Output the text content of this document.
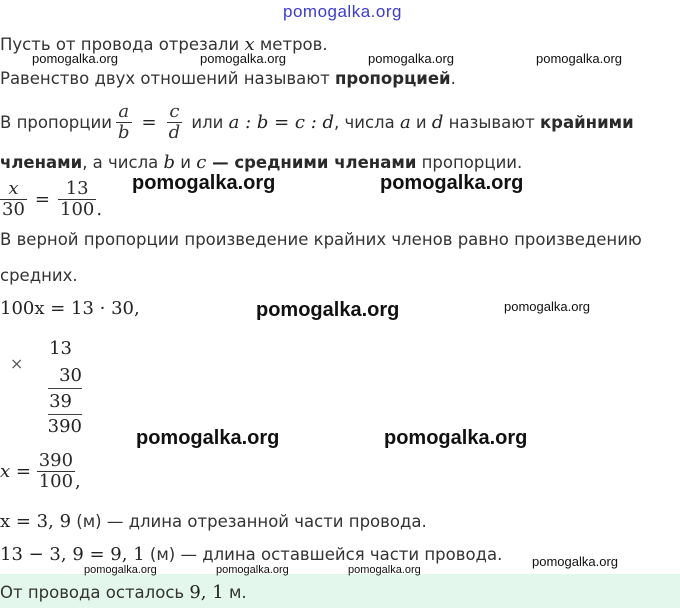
pomogalka.org
Пусть от провода отрезали x метров.
pomogalka.org	pomogalka.org	pomogalka.org	pomogalka.org
Равенство двух отношений называют пропорцией.
В пропорции $\frac{a}{b} = \frac{c}{d}$ или a : b = c : d , числа a и d называют крайними
членами, а числа b и c — средними членами пропорции.
$\frac{x}{30} = \frac{13}{100}$ .
pomogalka.org	pomogalka.org
В верной пропорции произведение крайних членов равно произведению
средних.
100x = 13 · 30,	pomogalka.org	pomogalka.org
×
13
30
39
390
pomogalka.org	pomogalka.org
$x = \frac{390}{100}$ ,
x = 3, 9 (м) — длина отрезанной части провода.
13 − 3, 9 = 9, 1 (м) — длина оставшейся части провода. pomogalka.org
pomogalka.org	pomogalka.org	pomogalka.org
От провода осталось 9, 1 м.
